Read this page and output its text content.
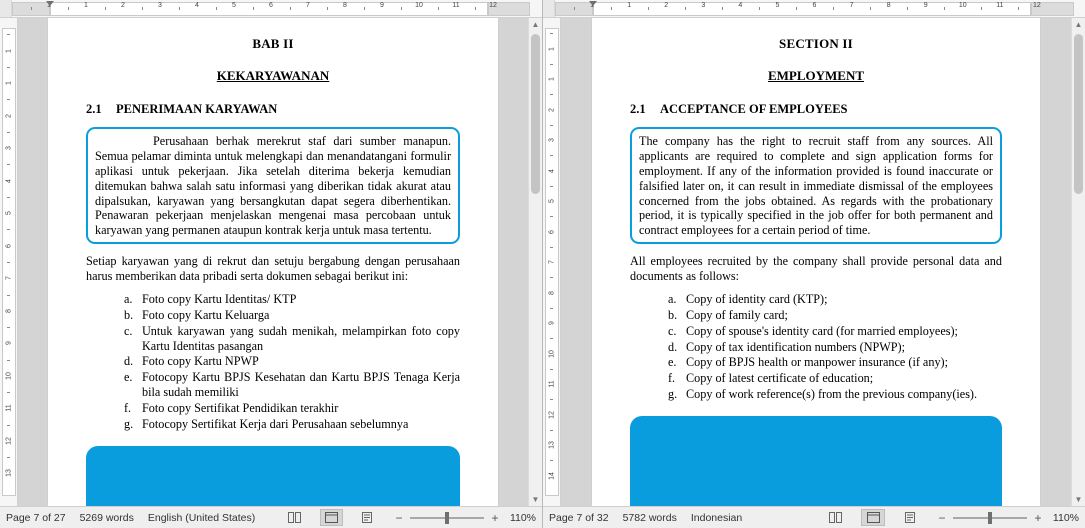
1	1	2	3	4	5	6	7	8	9	10	11	12
1
1
2
3
4
5
6
7
8
9
10
11
12
13
BAB II
KEKARYAWANAN
2.1 PENERIMAAN KARYAWAN
Perusahaan berhak merekrut staf dari sumber manapun. Semua pelamar diminta untuk melengkapi dan menandatangani formulir aplikasi untuk pekerjaan. Jika setelah diterima bekerja kemudian ditemukan bahwa salah satu informasi yang diberikan tidak akurat atau dipalsukan, karyawan yang bersangkutan dapat segera diberhentikan. Penawaran pekerjaan menjelaskan mengenai masa percobaan untuk karyawan yang permanen ataupun kontrak kerja untuk masa tertentu.
Setiap karyawan yang di rekrut dan setuju bergabung dengan perusahaan harus memberikan data pribadi serta dokumen sebagai berikut ini:
a. Foto copy Kartu Identitas/ KTP
b. Foto copy Kartu Keluarga
c. Untuk karyawan yang sudah menikah, melampirkan foto copy Kartu Identitas pasangan
d. Foto copy Kartu NPWP
e. Fotocopy Kartu BPJS Kesehatan dan Kartu BPJS Tenaga Kerja bila sudah memiliki
f. Foto copy Sertifikat Pendidikan terakhir
g. Fotocopy Sertifikat Kerja dari Perusahaan sebelumnya
▲
▼
Page 7 of 27 5269 words English (United States)	−	+	110%
1	1	2	3	4	5	6	7	8	9	10	11	12
1
1
2
3
4
5
6
7
8
9
10
11
12
13
14
SECTION II
EMPLOYMENT
2.1 ACCEPTANCE OF EMPLOYEES
The company has the right to recruit staff from any sources. All applicants are required to complete and sign application forms for employment. If any of the information provided is found inaccurate or falsified later on, it can result in immediate dismissal of the employees concerned from the jobs obtained. As regards with the probationary period, it is typically specified in the job offer for both permanent and contract employees for a certain period of time.
All employees recruited by the company shall provide personal data and documents as follows:
a. Copy of identity card (KTP);
b. Copy of family card;
c. Copy of spouse's identity card (for married employees);
d. Copy of tax identification numbers (NPWP);
e. Copy of BPJS health or manpower insurance (if any);
f. Copy of latest certificate of education;
g. Copy of work reference(s) from the previous company(ies).
▲
▼
Page 7 of 32 5782 words Indonesian	−	+	110%
